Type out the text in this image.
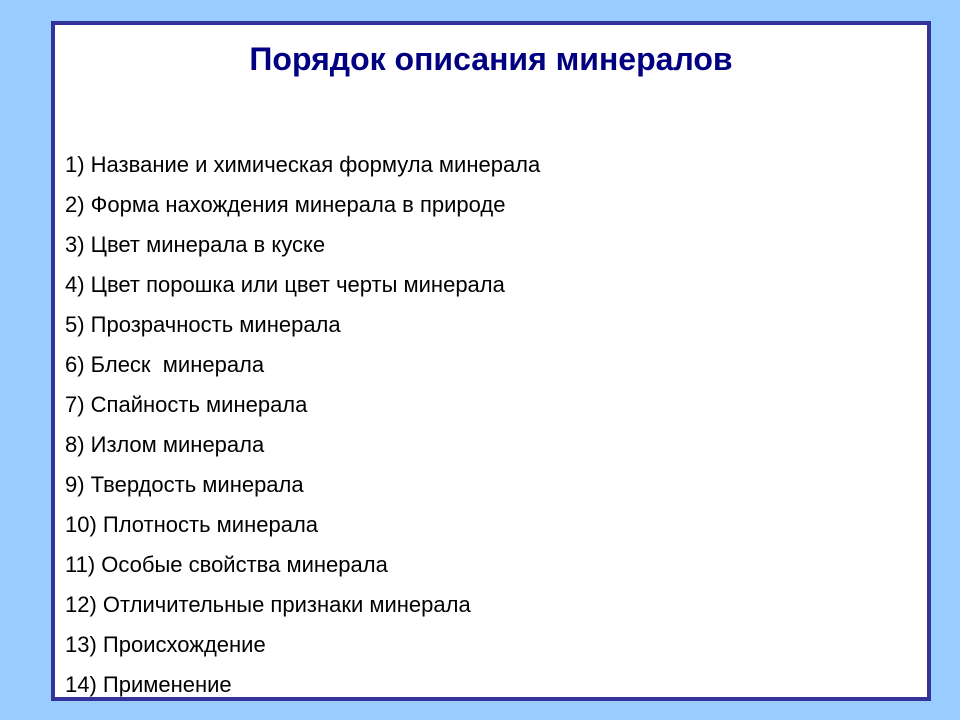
Порядок описания минералов
1) Название и химическая формула минерала
2) Форма нахождения минерала в природе
3) Цвет минерала в куске
4) Цвет порошка или цвет черты минерала
5) Прозрачность минерала
6) Блеск  минерала
7) Спайность минерала
8) Излом минерала
9) Твердость минерала
10) Плотность минерала
11) Особые свойства минерала
12) Отличительные признаки минерала
13) Происхождение
14) Применение
